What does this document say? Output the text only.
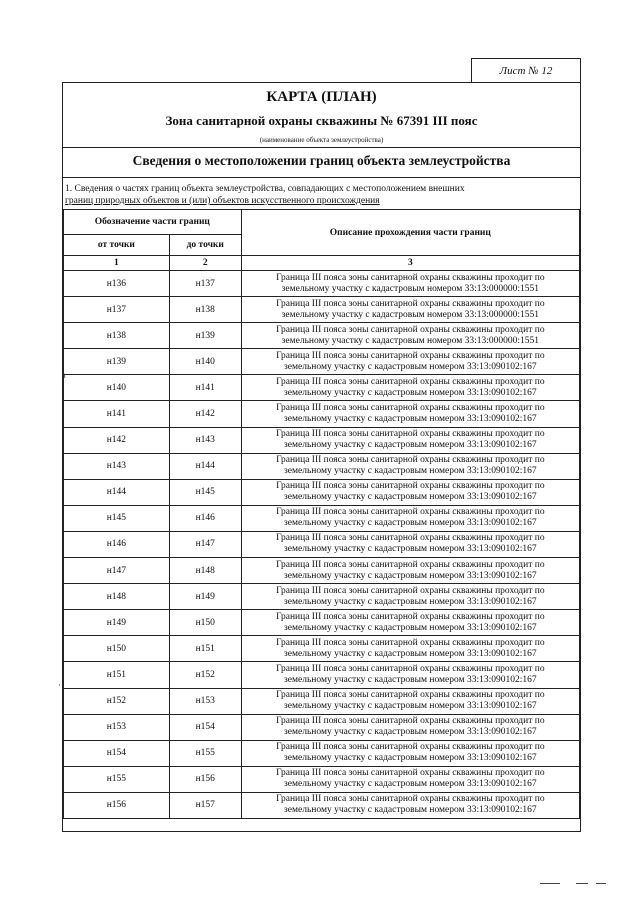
Лист № 12
КАРТА (ПЛАН)
Зона санитарной охраны скважины № 67391 III пояс
(наименование объекта землеустройства)
Сведения о местоположении границ объекта землеустройства
1. Сведения о частях границ объекта землеустройства, совпадающих с местоположением внешних
границ природных объектов и (или) объектов искусственного происхождения
Обозначение части границ		Описание прохождения части границ
от точки	до точки	
1	2	3
н136	н137	Граница III пояса зоны санитарной охраны скважины проходит по
земельному участку с кадастровым номером 33:13:000000:1551

н137	н138	Граница III пояса зоны санитарной охраны скважины проходит по
земельному участку с кадастровым номером 33:13:000000:1551

н138	н139	Граница III пояса зоны санитарной охраны скважины проходит по
земельному участку с кадастровым номером 33:13:000000:1551

н139	н140	Граница III пояса зоны санитарной охраны скважины проходит по
земельному участку с кадастровым номером 33:13:090102:167

н140	н141	Граница III пояса зоны санитарной охраны скважины проходит по
земельному участку с кадастровым номером 33:13:090102:167

н141	н142	Граница III пояса зоны санитарной охраны скважины проходит по
земельному участку с кадастровым номером 33:13:090102:167

н142	н143	Граница III пояса зоны санитарной охраны скважины проходит по
земельному участку с кадастровым номером 33:13:090102:167

н143	н144	Граница III пояса зоны санитарной охраны скважины проходит по
земельному участку с кадастровым номером 33:13:090102:167

н144	н145	Граница III пояса зоны санитарной охраны скважины проходит по
земельному участку с кадастровым номером 33:13:090102:167

н145	н146	Граница III пояса зоны санитарной охраны скважины проходит по
земельному участку с кадастровым номером 33:13:090102:167

н146	н147	Граница III пояса зоны санитарной охраны скважины проходит по
земельному участку с кадастровым номером 33:13:090102:167

н147	н148	Граница III пояса зоны санитарной охраны скважины проходит по
земельному участку с кадастровым номером 33:13:090102:167

н148	н149	Граница III пояса зоны санитарной охраны скважины проходит по
земельному участку с кадастровым номером 33:13:090102:167

н149	н150	Граница III пояса зоны санитарной охраны скважины проходит по
земельному участку с кадастровым номером 33:13:090102:167

н150	н151	Граница III пояса зоны санитарной охраны скважины проходит по
земельному участку с кадастровым номером 33:13:090102:167

н151	н152	Граница III пояса зоны санитарной охраны скважины проходит по
земельному участку с кадастровым номером 33:13:090102:167

н152	н153	Граница III пояса зоны санитарной охраны скважины проходит по
земельному участку с кадастровым номером 33:13:090102:167

н153	н154	Граница III пояса зоны санитарной охраны скважины проходит по
земельному участку с кадастровым номером 33:13:090102:167

н154	н155	Граница III пояса зоны санитарной охраны скважины проходит по
земельному участку с кадастровым номером 33:13:090102:167

н155	н156	Граница III пояса зоны санитарной охраны скважины проходит по
земельному участку с кадастровым номером 33:13:090102:167

н156	н157	Граница III пояса зоны санитарной охраны скважины проходит по
земельному участку с кадастровым номером 33:13:090102:167
з
·
